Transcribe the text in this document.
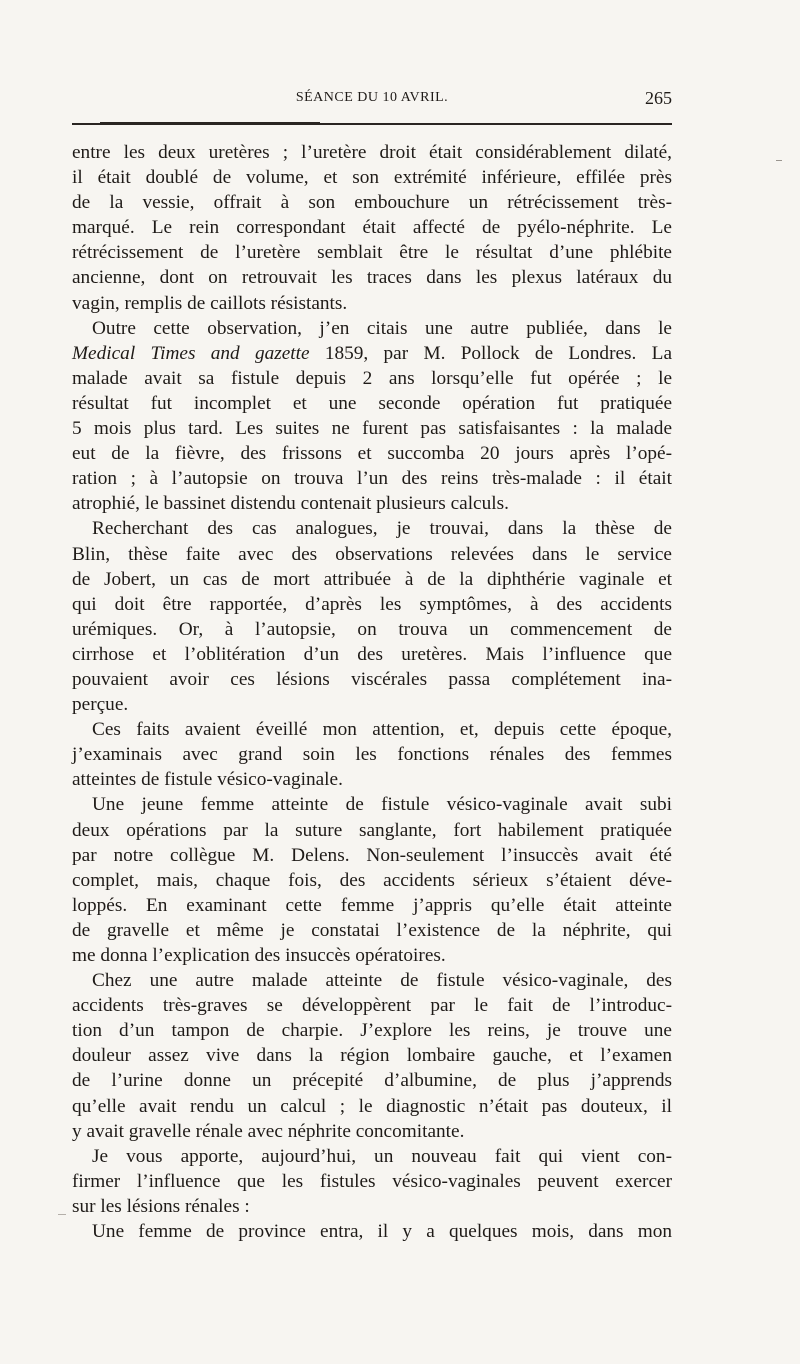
SÉANCE DU 10 AVRIL.	265
entre les deux uretères ; l’uretère droit était considérablement dilaté,
il était doublé de volume, et son extrémité inférieure, effilée près
de la vessie, offrait à son embouchure un rétrécissement très-
marqué. Le rein correspondant était affecté de pyélo-néphrite. Le
rétrécissement de l’uretère semblait être le résultat d’une phlébite
ancienne, dont on retrouvait les traces dans les plexus latéraux du
vagin, remplis de caillots résistants.
Outre cette observation, j’en citais une autre publiée, dans le
Medical Times and gazette 1859, par M. Pollock de Londres. La
malade avait sa fistule depuis 2 ans lorsqu’elle fut opérée ; le
résultat fut incomplet et une seconde opération fut pratiquée
5 mois plus tard. Les suites ne furent pas satisfaisantes : la malade
eut de la fièvre, des frissons et succomba 20 jours après l’opé-
ration ; à l’autopsie on trouva l’un des reins très-malade : il était
atrophié, le bassinet distendu contenait plusieurs calculs.
Recherchant des cas analogues, je trouvai, dans la thèse de
Blin, thèse faite avec des observations relevées dans le service
de Jobert, un cas de mort attribuée à de la diphthérie vaginale et
qui doit être rapportée, d’après les symptômes, à des accidents
urémiques. Or, à l’autopsie, on trouva un commencement de
cirrhose et l’oblitération d’un des uretères. Mais l’influence que
pouvaient avoir ces lésions viscérales passa complétement ina-
perçue.
Ces faits avaient éveillé mon attention, et, depuis cette époque,
j’examinais avec grand soin les fonctions rénales des femmes
atteintes de fistule vésico-vaginale.
Une jeune femme atteinte de fistule vésico-vaginale avait subi
deux opérations par la suture sanglante, fort habilement pratiquée
par notre collègue M. Delens. Non-seulement l’insuccès avait été
complet, mais, chaque fois, des accidents sérieux s’étaient déve-
loppés. En examinant cette femme j’appris qu’elle était atteinte
de gravelle et même je constatai l’existence de la néphrite, qui
me donna l’explication des insuccès opératoires.
Chez une autre malade atteinte de fistule vésico-vaginale, des
accidents très-graves se développèrent par le fait de l’introduc-
tion d’un tampon de charpie. J’explore les reins, je trouve une
douleur assez vive dans la région lombaire gauche, et l’examen
de l’urine donne un précepité d’albumine, de plus j’apprends
qu’elle avait rendu un calcul ; le diagnostic n’était pas douteux, il
y avait gravelle rénale avec néphrite concomitante.
Je vous apporte, aujourd’hui, un nouveau fait qui vient con-
firmer l’influence que les fistules vésico-vaginales peuvent exercer
sur les lésions rénales :
Une femme de province entra, il y a quelques mois, dans mon
